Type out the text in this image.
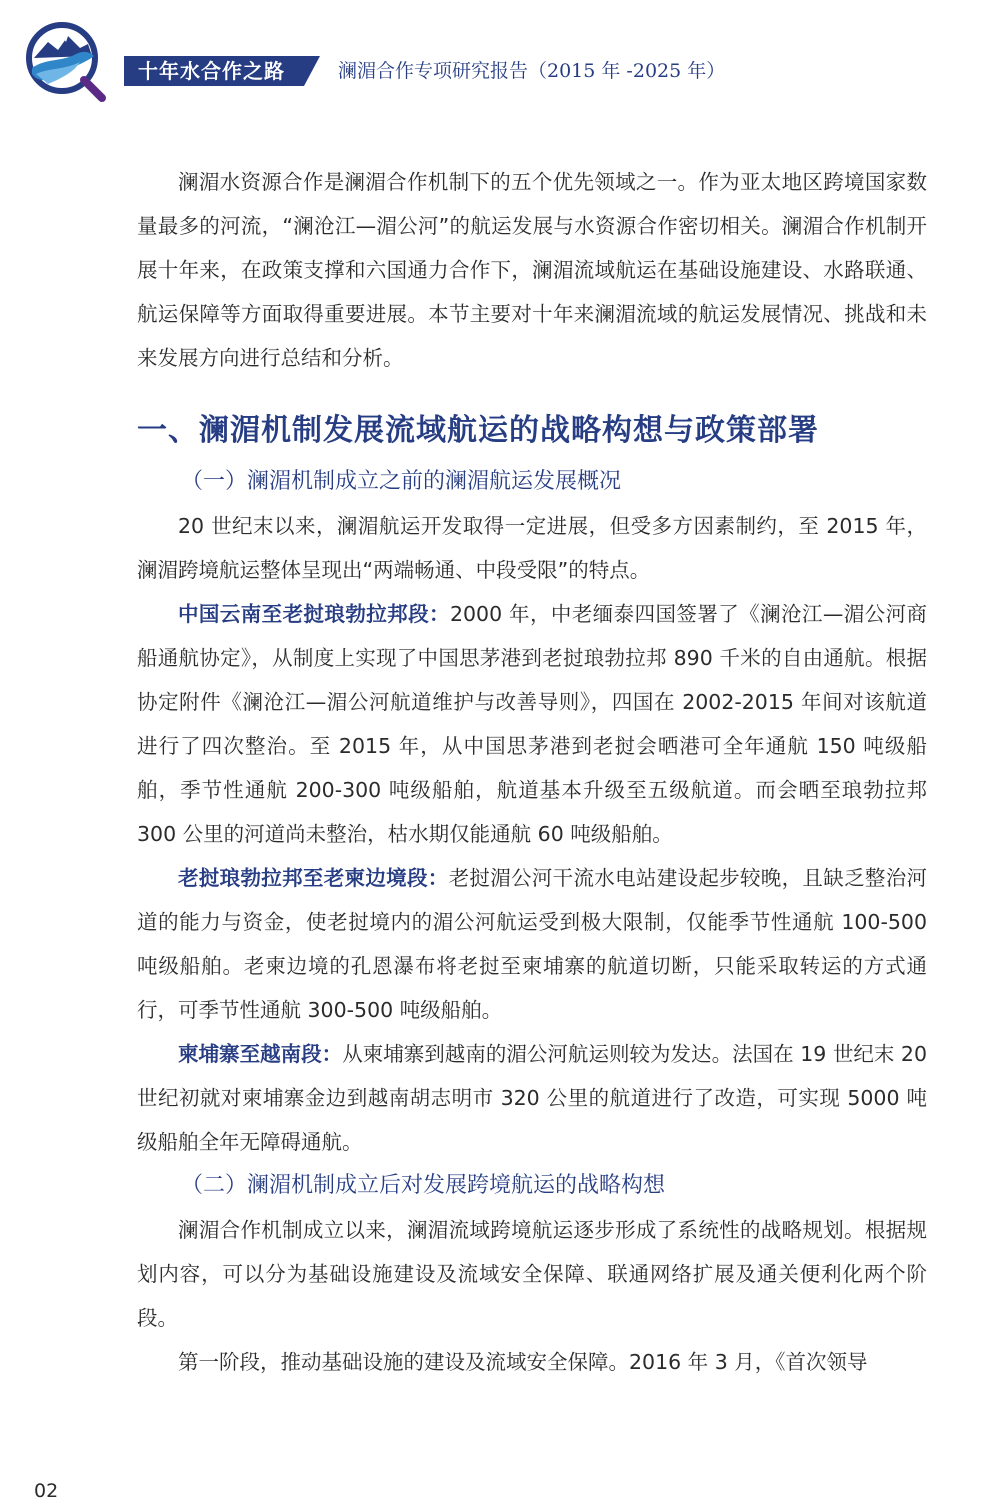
十年水合作之路	澜湄合作专项研究报告（2015 年 -2025 年）

澜湄水资源合作是澜湄合作机制下的五个优先领域之一。作为亚太地区跨境国家数量最多的河流，“澜沧江—湄公河”的航运发展与水资源合作密切相关。澜湄合作机制开展十年来，在政策支撑和六国通力合作下，澜湄流域航运在基础设施建设、水路联通、航运保障等方面取得重要进展。本节主要对十年来澜湄流域的航运发展情况、挑战和未来发展方向进行总结和分析。

一、澜湄机制发展流域航运的战略构想与政策部署
（一）澜湄机制成立之前的澜湄航运发展概况

20 世纪末以来，澜湄航运开发取得一定进展，但受多方因素制约，至 2015 年，澜湄跨境航运整体呈现出“两端畅通、中段受限”的特点。

中国云南至老挝琅勃拉邦段：2000 年，中老缅泰四国签署了《澜沧江—湄公河商船通航协定》，从制度上实现了中国思茅港到老挝琅勃拉邦 890 千米的自由通航。根据协定附件《澜沧江—湄公河航道维护与改善导则》，四国在 2002-2015 年间对该航道进行了四次整治。至 2015 年，从中国思茅港到老挝会晒港可全年通航 150 吨级船舶，季节性通航 200-300 吨级船舶，航道基本升级至五级航道。而会晒至琅勃拉邦 300 公里的河道尚未整治，枯水期仅能通航 60 吨级船舶。

老挝琅勃拉邦至老柬边境段：老挝湄公河干流水电站建设起步较晚，且缺乏整治河道的能力与资金，使老挝境内的湄公河航运受到极大限制，仅能季节性通航 100-500 吨级船舶。老柬边境的孔恩瀑布将老挝至柬埔寨的航道切断，只能采取转运的方式通行，可季节性通航 300-500 吨级船舶。

柬埔寨至越南段：从柬埔寨到越南的湄公河航运则较为发达。法国在 19 世纪末 20 世纪初就对柬埔寨金边到越南胡志明市 320 公里的航道进行了改造，可实现 5000 吨级船舶全年无障碍通航。

（二）澜湄机制成立后对发展跨境航运的战略构想

澜湄合作机制成立以来，澜湄流域跨境航运逐步形成了系统性的战略规划。根据规划内容，可以分为基础设施建设及流域安全保障、联通网络扩展及通关便利化两个阶段。

第一阶段，推动基础设施的建设及流域安全保障。2016 年 3 月，《首次领导

02
